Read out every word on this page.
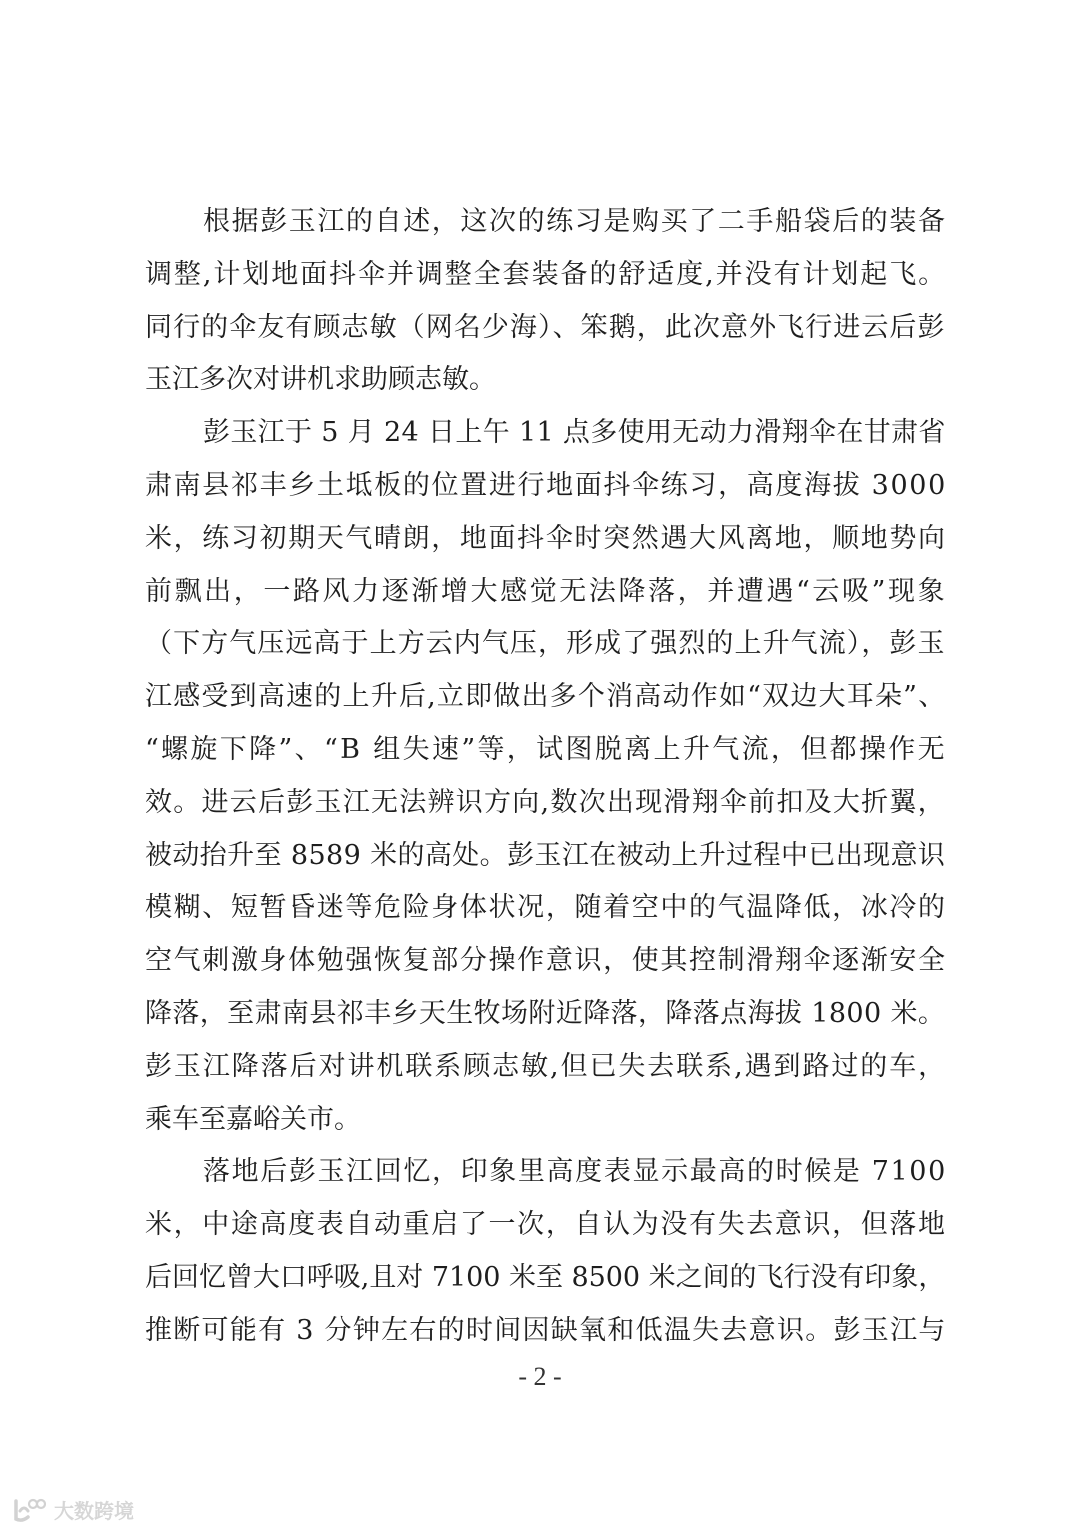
根据彭玉江的自述，这次的练习是购买了二手船袋后的装备
调整,计划地面抖伞并调整全套装备的舒适度,并没有计划起飞。
同行的伞友有顾志敏（网名少海）、笨鹅，此次意外飞行进云后彭
玉江多次对讲机求助顾志敏。
彭玉江于 5 月 24 日上午 11 点多使用无动力滑翔伞在甘肃省
肃南县祁丰乡土坻板的位置进行地面抖伞练习，高度海拔 3000
米，练习初期天气晴朗，地面抖伞时突然遇大风离地，顺地势向
前飘出，一路风力逐渐增大感觉无法降落，并遭遇“云吸”现象
（下方气压远高于上方云内气压，形成了强烈的上升气流），彭玉
江感受到高速的上升后,立即做出多个消高动作如“双边大耳朵”、
“螺旋下降”、“B 组失速”等，试图脱离上升气流，但都操作无
效。进云后彭玉江无法辨识方向,数次出现滑翔伞前扣及大折翼，
被动抬升至 8589 米的高处。彭玉江在被动上升过程中已出现意识
模糊、短暂昏迷等危险身体状况，随着空中的气温降低，冰冷的
空气刺激身体勉强恢复部分操作意识，使其控制滑翔伞逐渐安全
降落，至肃南县祁丰乡天生牧场附近降落，降落点海拔 1800 米。
彭玉江降落后对讲机联系顾志敏,但已失去联系,遇到路过的车，
乘车至嘉峪关市。
落地后彭玉江回忆，印象里高度表显示最高的时候是 7100
米，中途高度表自动重启了一次，自认为没有失去意识，但落地
后回忆曾大口呼吸,且对 7100 米至 8500 米之间的飞行没有印象，
推断可能有 3 分钟左右的时间因缺氧和低温失去意识。彭玉江与
- 2 -
大数跨境
